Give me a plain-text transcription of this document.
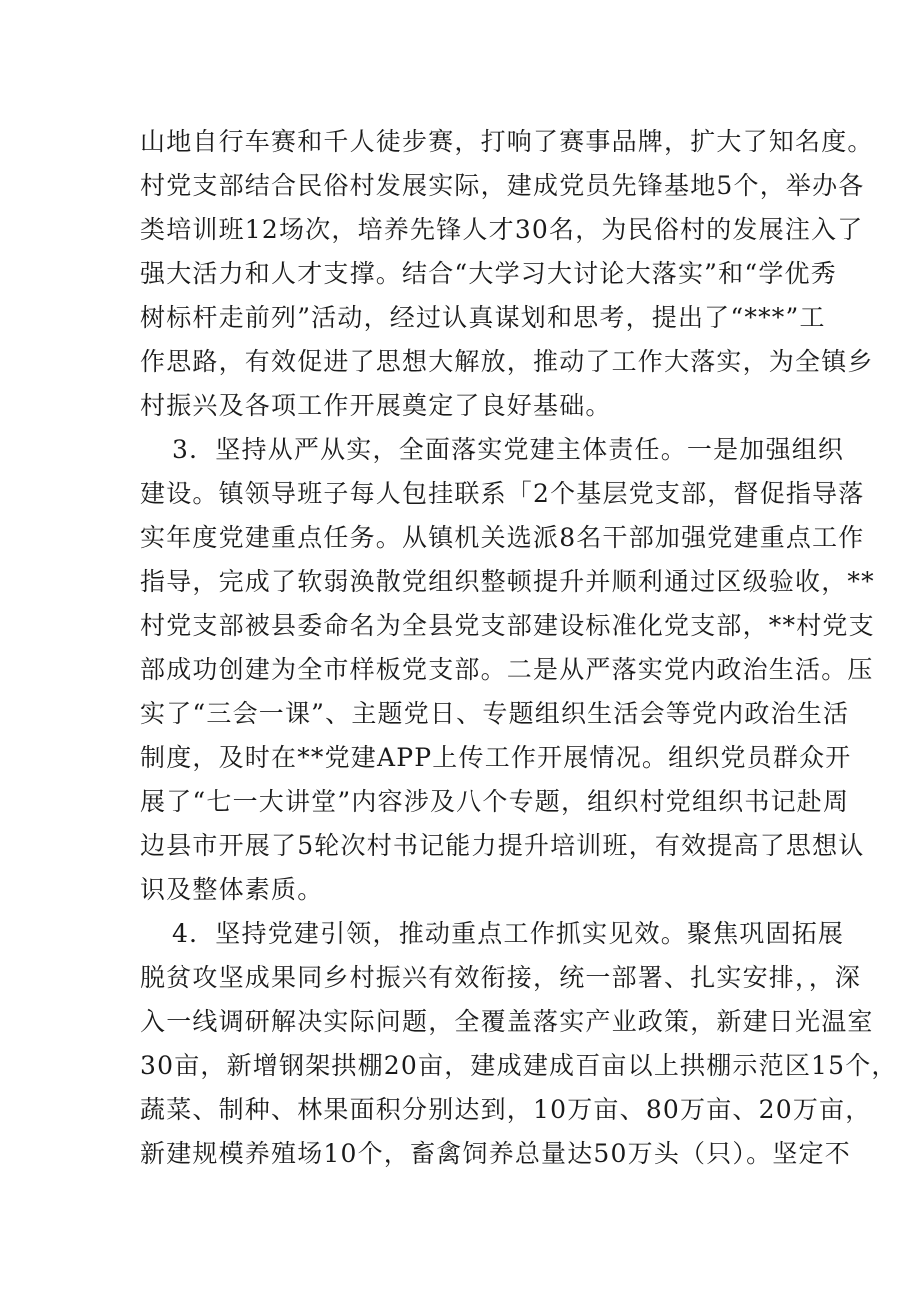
山地自行车赛和千人徒步赛，打响了赛事品牌，扩大了知名度。
村党支部结合民俗村发展实际，建成党员先锋基地5个，举办各
类培训班12场次，培养先锋人才30名，为民俗村的发展注入了
强大活力和人才支撑。结合“大学习大讨论大落实”和“学优秀
树标杆走前列”活动，经过认真谋划和思考，提出了“***”工
作思路，有效促进了思想大解放，推动了工作大落实，为全镇乡
村振兴及各项工作开展奠定了良好基础。
3．坚持从严从实，全面落实党建主体责任。一是加强组织
建设。镇领导班子每人包挂联系「2个基层党支部，督促指导落
实年度党建重点任务。从镇机关选派8名干部加强党建重点工作
指导，完成了软弱涣散党组织整顿提升并顺利通过区级验收，**
村党支部被县委命名为全县党支部建设标准化党支部，**村党支
部成功创建为全市样板党支部。二是从严落实党内政治生活。压
实了“三会一课”、主题党日、专题组织生活会等党内政治生活
制度，及时在**党建APP上传工作开展情况。组织党员群众开
展了“七一大讲堂”内容涉及八个专题，组织村党组织书记赴周
边县市开展了5轮次村书记能力提升培训班，有效提高了思想认
识及整体素质。
4．坚持党建引领，推动重点工作抓实见效。聚焦巩固拓展
脱贫攻坚成果同乡村振兴有效衔接，统一部署、扎实安排，，深
入一线调研解决实际问题，全覆盖落实产业政策，新建日光温室
30亩，新增钢架拱棚20亩，建成建成百亩以上拱棚示范区15个，
蔬菜、制种、林果面积分别达到，10万亩、80万亩、20万亩，
新建规模养殖场10个，畜禽饲养总量达50万头（只）。坚定不
